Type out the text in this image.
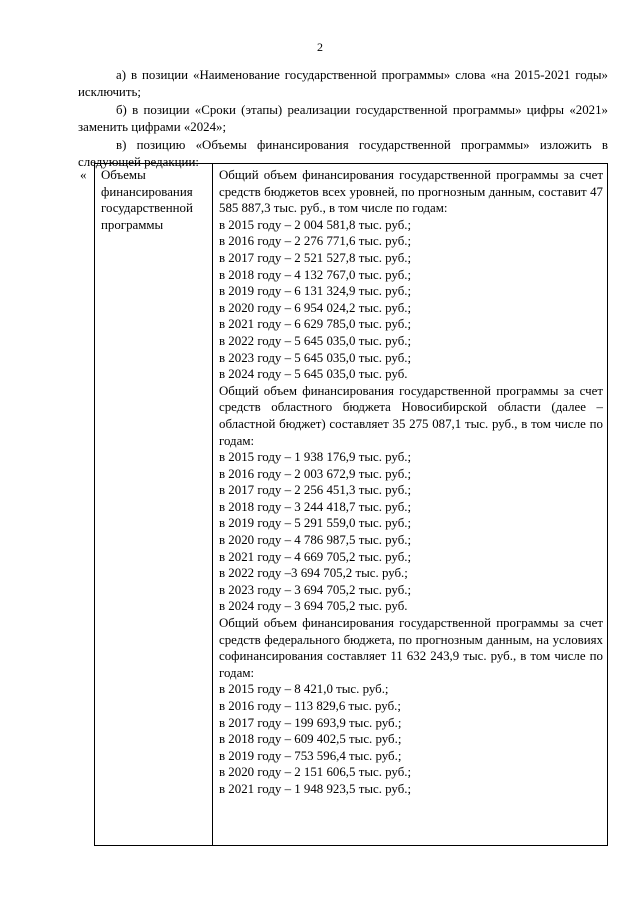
2

а) в позиции «Наименование государственной программы» слова «на 2015-2021 годы» исключить;

б) в позиции «Сроки (этапы) реализации государственной программы» цифры «2021» заменить цифрами «2024»;

в) позицию «Объемы финансирования государственной программы» изложить в следующей редакции:

« Объемы финансирования государственной программы

Общий объем финансирования государственной программы за счет средств бюджетов всех уровней, по прогнозным данным, составит 47 585 887,3 тыс. руб., в том числе по годам:

в 2015 году – 2 004 581,8 тыс. руб.;

в 2016 году – 2 276 771,6 тыс. руб.;

в 2017 году – 2 521 527,8 тыс. руб.;

в 2018 году – 4 132 767,0 тыс. руб.;

в 2019 году – 6 131 324,9 тыс. руб.;

в 2020 году – 6 954 024,2 тыс. руб.;

в 2021 году – 6 629 785,0 тыс. руб.;

в 2022 году – 5 645 035,0 тыс. руб.;

в 2023 году – 5 645 035,0 тыс. руб.;

в 2024 году – 5 645 035,0 тыс. руб.

Общий объем финансирования государственной программы за счет средств областного бюджета Новосибирской области (далее – областной бюджет) составляет 35 275 087,1 тыс. руб., в том числе по годам:

в 2015 году – 1 938 176,9 тыс. руб.;

в 2016 году – 2 003 672,9 тыс. руб.;

в 2017 году – 2 256 451,3 тыс. руб.;

в 2018 году – 3 244 418,7 тыс. руб.;

в 2019 году – 5 291 559,0 тыс. руб.;

в 2020 году – 4 786 987,5 тыс. руб.;

в 2021 году – 4 669 705,2 тыс. руб.;

в 2022 году –3 694 705,2 тыс. руб.;

в 2023 году – 3 694 705,2 тыс. руб.;

в 2024 году – 3 694 705,2 тыс. руб.

Общий объем финансирования государственной программы за счет средств федерального бюджета, по прогнозным данным, на условиях софинансирования составляет 11 632 243,9 тыс. руб., в том числе по годам:

в 2015 году – 8 421,0 тыс. руб.;

в 2016 году – 113 829,6 тыс. руб.;

в 2017 году – 199 693,9 тыс. руб.;

в 2018 году – 609 402,5 тыс. руб.;

в 2019 году – 753 596,4 тыс. руб.;

в 2020 году – 2 151 606,5 тыс. руб.;

в 2021 году – 1 948 923,5 тыс. руб.;
